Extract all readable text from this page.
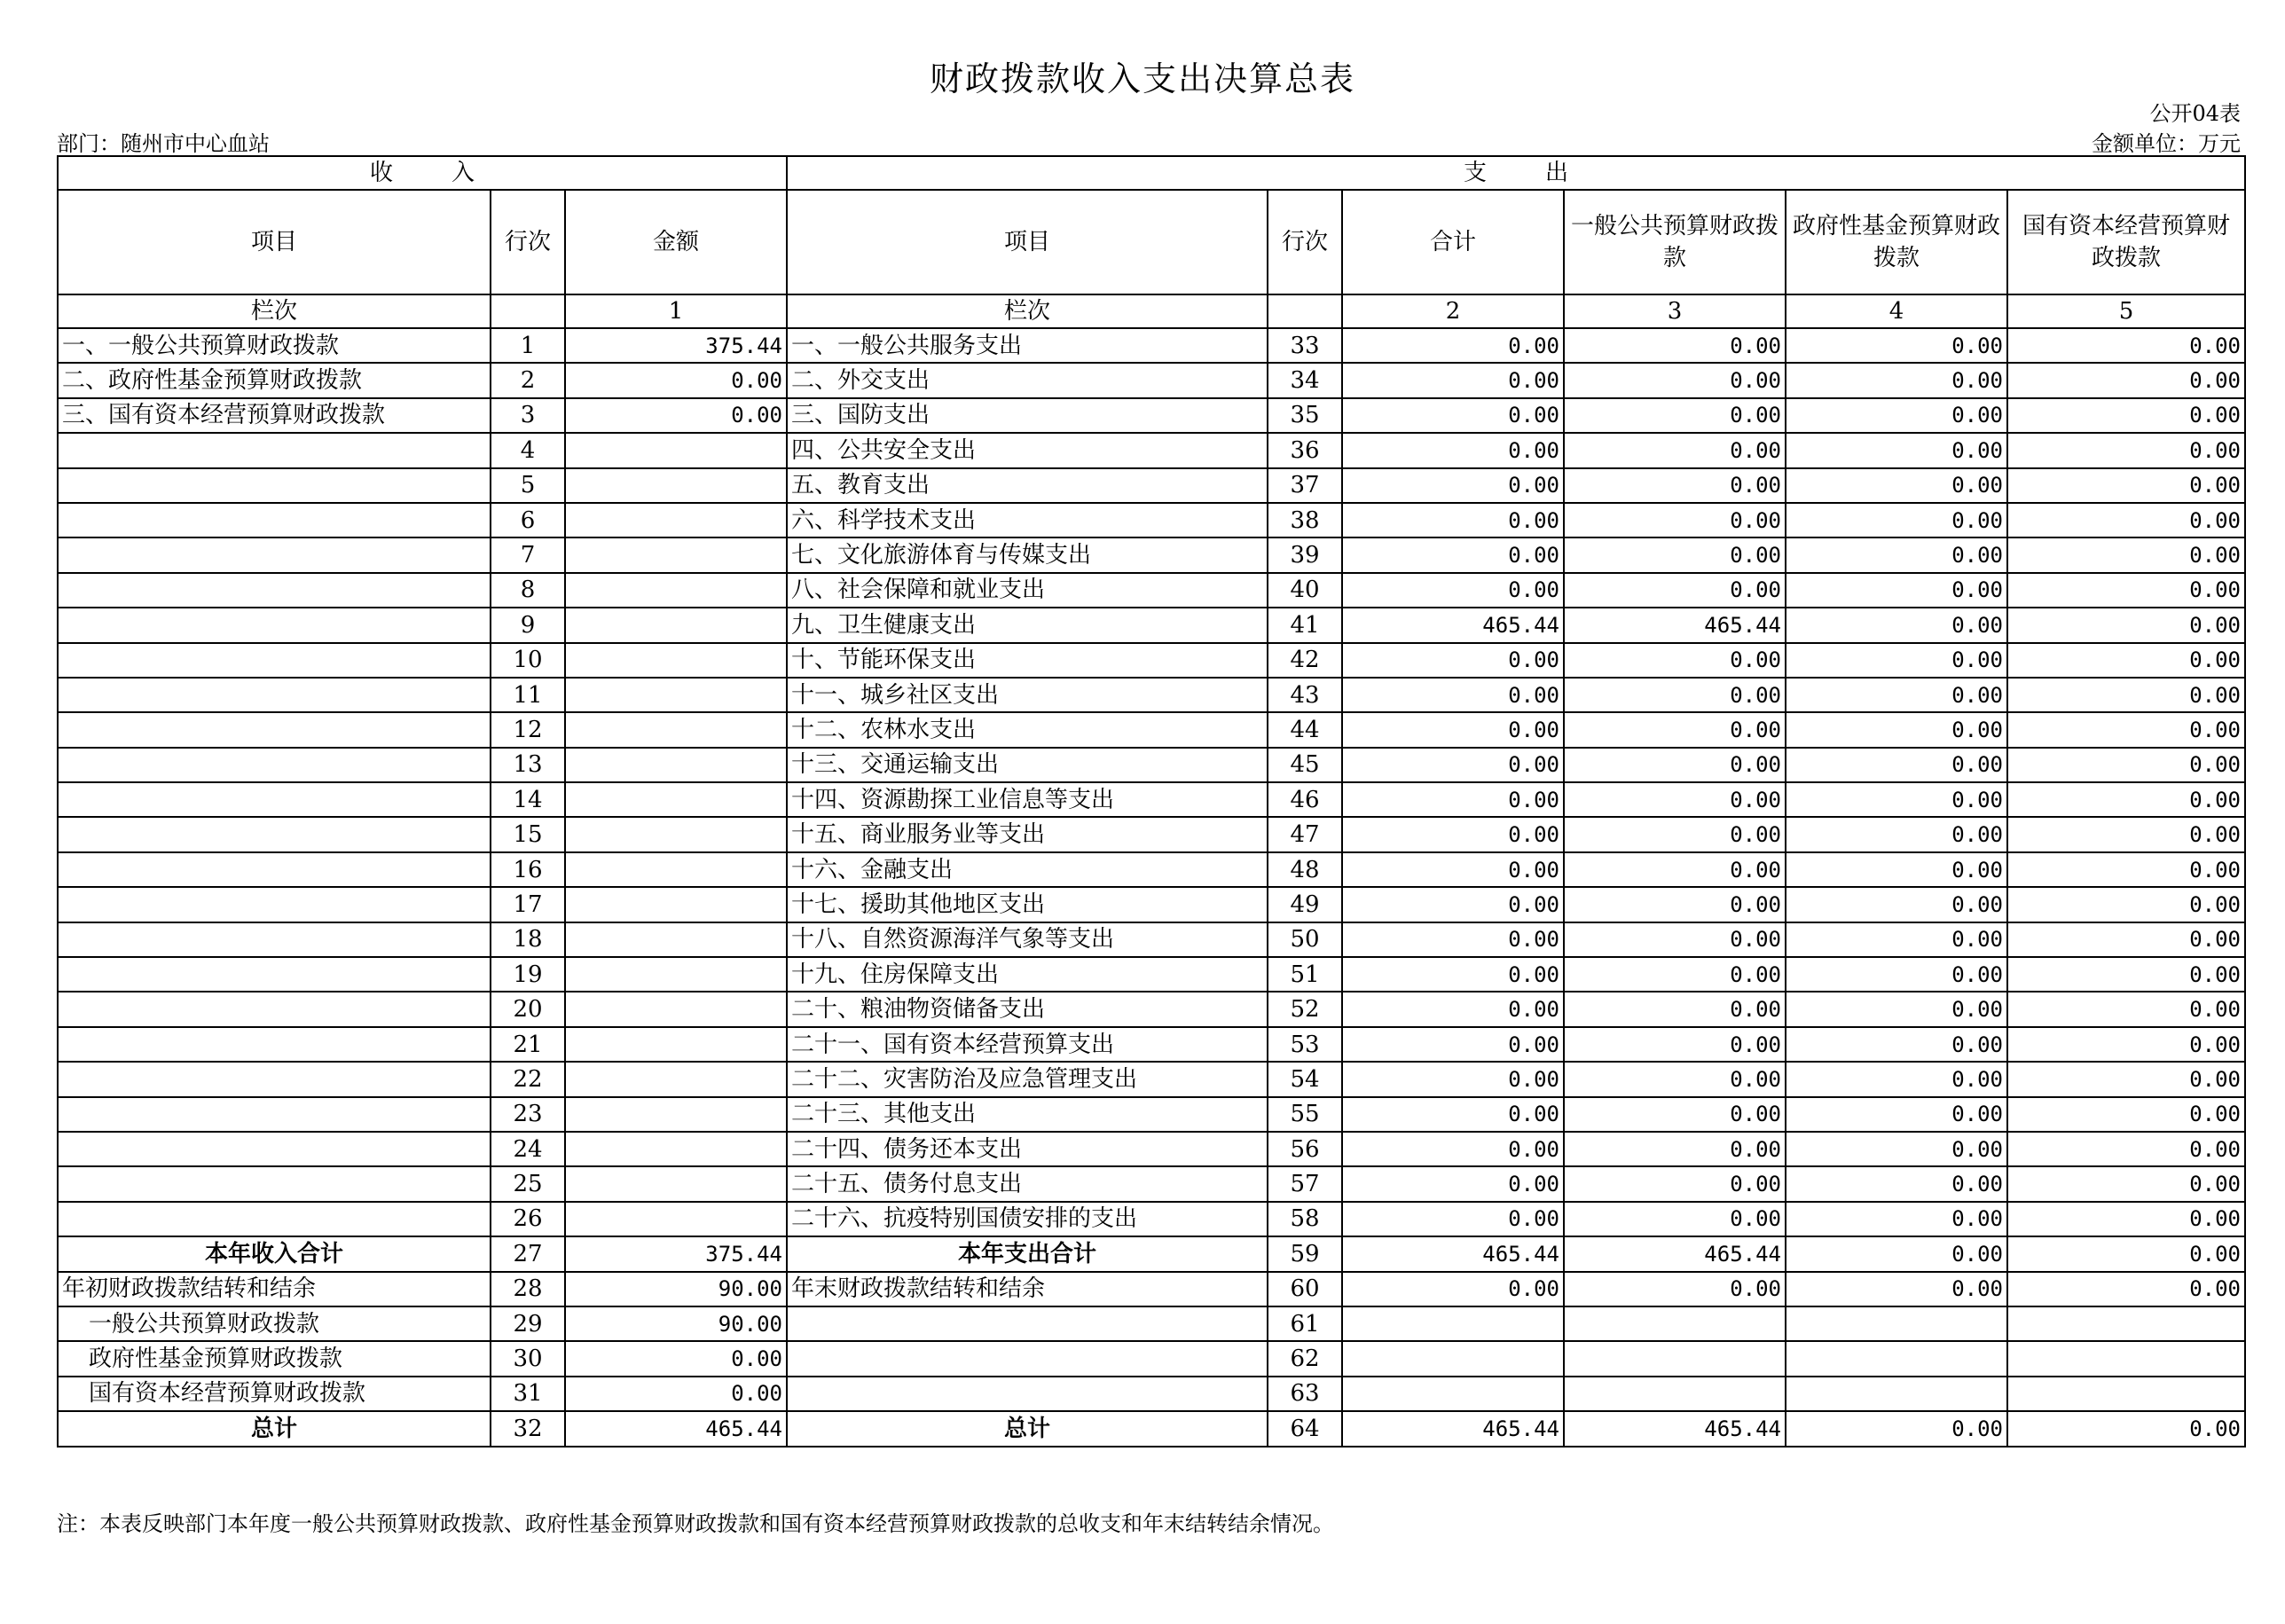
财政拨款收入支出决算总表
公开04表
部门：随州市中心血站	金额单位：万元
收        入			支        出					
项目	行次	金额	项目	行次	合计	一般公共预算财政拨款	政府性基金预算财政拨款	国有资本经营预算财政拨款
栏次		1	栏次		2	3	4	5
一、一般公共预算财政拨款	1	375.44	一、一般公共服务支出	33	0.00	0.00	0.00	0.00
二、政府性基金预算财政拨款	2	0.00	二、外交支出	34	0.00	0.00	0.00	0.00
三、国有资本经营预算财政拨款	3	0.00	三、国防支出	35	0.00	0.00	0.00	0.00
	4		四、公共安全支出	36	0.00	0.00	0.00	0.00
	5		五、教育支出	37	0.00	0.00	0.00	0.00
	6		六、科学技术支出	38	0.00	0.00	0.00	0.00
	7		七、文化旅游体育与传媒支出	39	0.00	0.00	0.00	0.00
	8		八、社会保障和就业支出	40	0.00	0.00	0.00	0.00
	9		九、卫生健康支出	41	465.44	465.44	0.00	0.00
	10		十、节能环保支出	42	0.00	0.00	0.00	0.00
	11		十一、城乡社区支出	43	0.00	0.00	0.00	0.00
	12		十二、农林水支出	44	0.00	0.00	0.00	0.00
	13		十三、交通运输支出	45	0.00	0.00	0.00	0.00
	14		十四、资源勘探工业信息等支出	46	0.00	0.00	0.00	0.00
	15		十五、商业服务业等支出	47	0.00	0.00	0.00	0.00
	16		十六、金融支出	48	0.00	0.00	0.00	0.00
	17		十七、援助其他地区支出	49	0.00	0.00	0.00	0.00
	18		十八、自然资源海洋气象等支出	50	0.00	0.00	0.00	0.00
	19		十九、住房保障支出	51	0.00	0.00	0.00	0.00
	20		二十、粮油物资储备支出	52	0.00	0.00	0.00	0.00
	21		二十一、国有资本经营预算支出	53	0.00	0.00	0.00	0.00
	22		二十二、灾害防治及应急管理支出	54	0.00	0.00	0.00	0.00
	23		二十三、其他支出	55	0.00	0.00	0.00	0.00
	24		二十四、债务还本支出	56	0.00	0.00	0.00	0.00
	25		二十五、债务付息支出	57	0.00	0.00	0.00	0.00
	26		二十六、抗疫特别国债安排的支出	58	0.00	0.00	0.00	0.00
本年收入合计	27	375.44	本年支出合计	59	465.44	465.44	0.00	0.00
年初财政拨款结转和结余	28	90.00	年末财政拨款结转和结余	60	0.00	0.00	0.00	0.00
一般公共预算财政拨款	29	90.00		61				
政府性基金预算财政拨款	30	0.00		62				
国有资本经营预算财政拨款	31	0.00		63				
总计	32	465.44	总计	64	465.44	465.44	0.00	0.00
注：本表反映部门本年度一般公共预算财政拨款、政府性基金预算财政拨款和国有资本经营预算财政拨款的总收支和年末结转结余情况。
